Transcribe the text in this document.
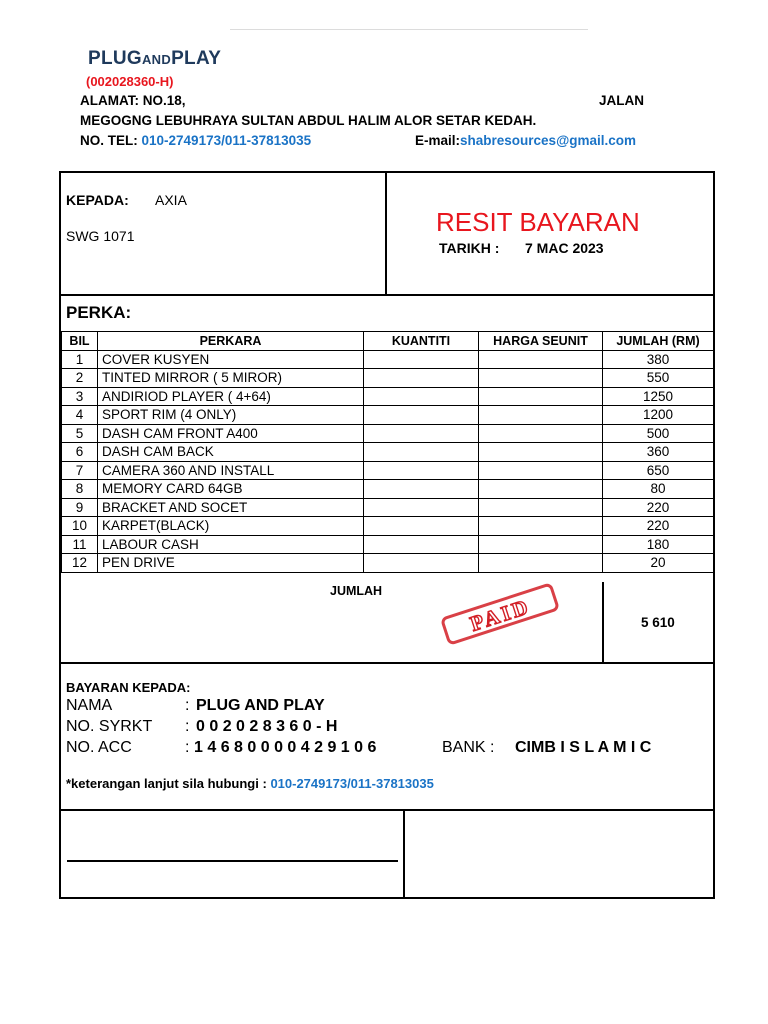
PLUGANDPLAY
(002028360-H)
ALAMAT: NO.18,	JALAN
MEGOGNG LEBUHRAYA SULTAN ABDUL HALIM ALOR SETAR KEDAH.
NO. TEL: 010-2749173/011-37813035	E-mail:shabresources@gmail.com
KEPADA: AXIA
SWG 1071	RESIT BAYARAN
TARIKH : 7 MAC 2023
PERKA:
BIL	PERKARA	KUANTITI	HARGA SEUNIT	JUMLAH (RM)
1	COVER KUSYEN			380
2	TINTED MIRROR ( 5 MIROR)			550
3	ANDIRIOD PLAYER ( 4+64)			1250
4	SPORT RIM (4 ONLY)			1200
5	DASH CAM FRONT A400			500
6	DASH CAM BACK			360
7	CAMERA 360 AND INSTALL			650
8	MEMORY CARD 64GB			80
9	BRACKET AND SOCET			220
10	KARPET(BLACK)			220
11	LABOUR CASH			180
12	PEN DRIVE			20
JUMLAH
5 610
PAID
BAYARAN KEPADA:
NAMA	: PLUG AND PLAY
NO. SYRKT : 0 0 2 0 2 8 3 6 0 - H
NO. ACC	: 1 4 6 8 0 0 0 0 4 2 9 1 0 6	BANK : CIMB I S L A M I C
*keterangan lanjut sila hubungi : 010-2749173/011-37813035
